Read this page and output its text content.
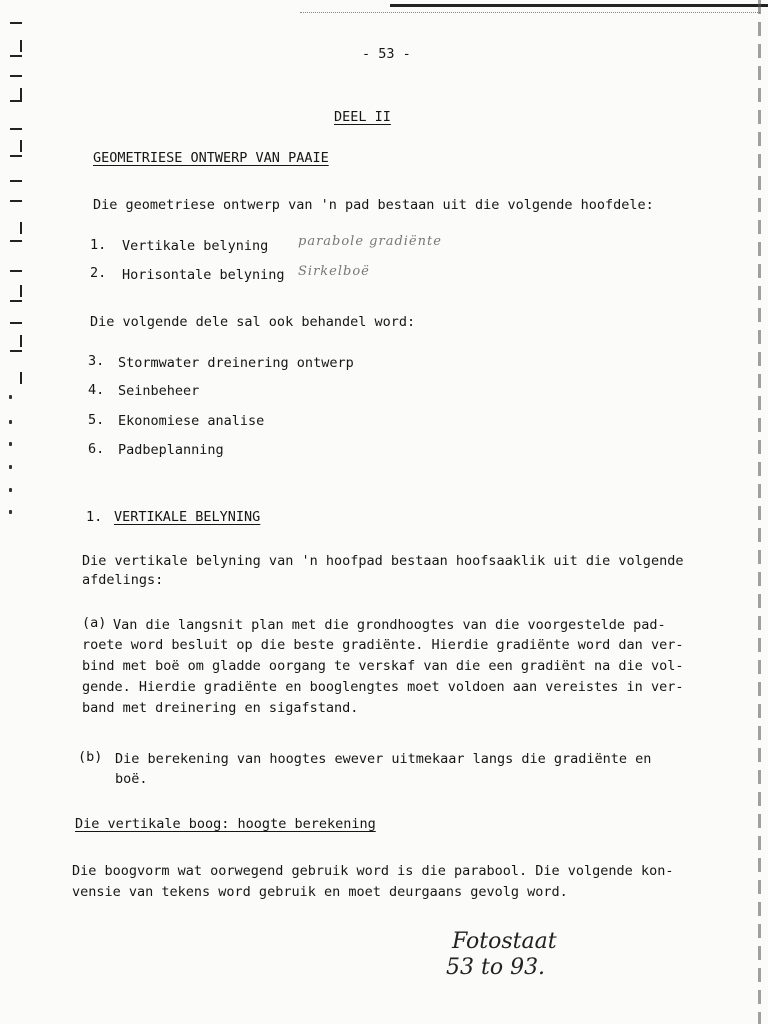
- 53 -
DEEL II
GEOMETRIESE ONTWERP VAN PAAIE
Die geometriese ontwerp van 'n pad bestaan uit die volgende hoofdele:
1. Vertikale belyning parabole gradiënte
2. Horisontale belyning Sirkelboë
Die volgende dele sal ook behandel word:
3. Stormwater dreinering ontwerp
4. Seinbeheer
5. Ekonomiese analise
6. Padbeplanning
1. VERTIKALE BELYNING
Die vertikale belyning van 'n hoofpad bestaan hoofsaaklik uit die volgende
afdelings:
(a) Van die langsnit plan met die grondhoogtes van die voorgestelde pad-
roete word besluit op die beste gradiënte. Hierdie gradiënte word dan ver-
bind met boë om gladde oorgang te verskaf van die een gradiënt na die vol-
gende. Hierdie gradiënte en booglengtes moet voldoen aan vereistes in ver-
band met dreinering en sigafstand.
(b) Die berekening van hoogtes ewever uitmekaar langs die gradiënte en
boë.
Die vertikale boog: hoogte berekening
Die boogvorm wat oorwegend gebruik word is die parabool. Die volgende kon-
vensie van tekens word gebruik en moet deurgaans gevolg word.
Fotostaat
53 to 93.
